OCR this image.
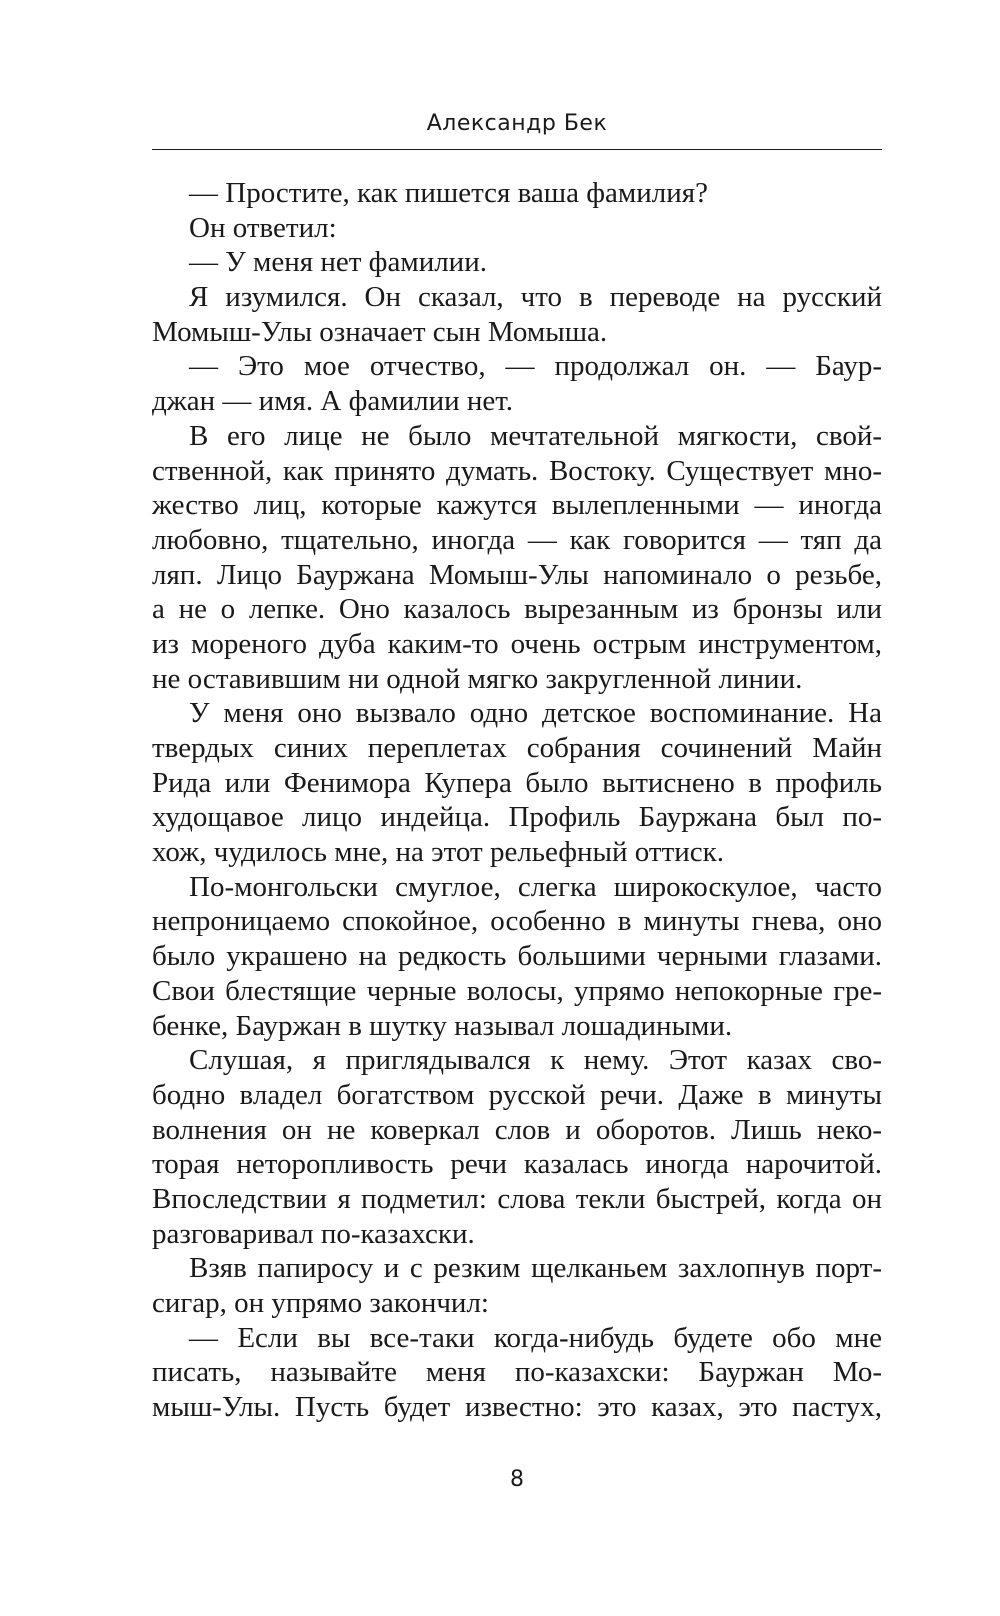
Александр Бек
— Простите, как пишется ваша фамилия?
Он ответил:
— У меня нет фамилии.
Я изумился. Он сказал, что в переводе на русский
Момыш-Улы означает сын Момыша.
— Это мое отчество, — продолжал он. — Баур-
джан — имя. А фамилии нет.
В его лице не было мечтательной мягкости, свой-
ственной, как принято думать. Востоку. Существует мно-
жество лиц, которые кажутся вылепленными — иногда
любовно, тщательно, иногда — как говорится — тяп да
ляп. Лицо Бауржана Момыш-Улы напоминало о резьбе,
а не о лепке. Оно казалось вырезанным из бронзы или
из мореного дуба каким-то очень острым инструментом,
не оставившим ни одной мягко закругленной линии.
У меня оно вызвало одно детское воспоминание. На
твердых синих переплетах собрания сочинений Майн
Рида или Фенимора Купера было вытиснено в профиль
худощавое лицо индейца. Профиль Бауржана был по-
хож, чудилось мне, на этот рельефный оттиск.
По-монгольски смуглое, слегка широкоскулое, часто
непроницаемо спокойное, особенно в минуты гнева, оно
было украшено на редкость большими черными глазами.
Свои блестящие черные волосы, упрямо непокорные гре-
бенке, Бауржан в шутку называл лошадиными.
Слушая, я приглядывался к нему. Этот казах сво-
бодно владел богатством русской речи. Даже в минуты
волнения он не коверкал слов и оборотов. Лишь неко-
торая неторопливость речи казалась иногда нарочитой.
Впоследствии я подметил: слова текли быстрей, когда он
разговаривал по-казахски.
Взяв папиросу и с резким щелканьем захлопнув порт-
сигар, он упрямо закончил:
— Если вы все-таки когда-нибудь будете обо мне
писать, называйте меня по-казахски: Бауржан Мо-
мыш-Улы. Пусть будет известно: это казах, это пастух,
8
